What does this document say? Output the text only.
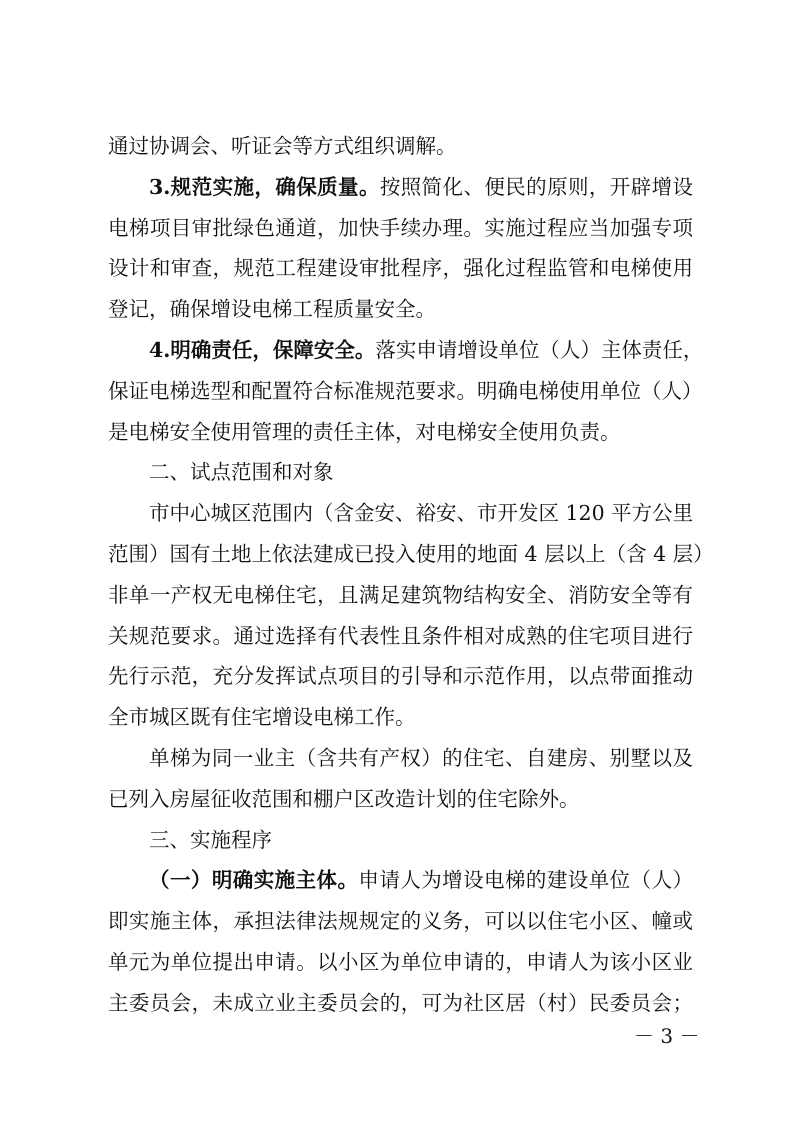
通过协调会、听证会等方式组织调解。
3.规范实施，确保质量。按照简化、便民的原则，开辟增设
电梯项目审批绿色通道，加快手续办理。实施过程应当加强专项
设计和审查，规范工程建设审批程序，强化过程监管和电梯使用
登记，确保增设电梯工程质量安全。
4.明确责任，保障安全。落实申请增设单位（人）主体责任，
保证电梯选型和配置符合标准规范要求。明确电梯使用单位（人）
是电梯安全使用管理的责任主体，对电梯安全使用负责。
二、试点范围和对象
市中心城区范围内（含金安、裕安、市开发区 120 平方公里
范围）国有土地上依法建成已投入使用的地面 4 层以上（含 4 层）
非单一产权无电梯住宅，且满足建筑物结构安全、消防安全等有
关规范要求。通过选择有代表性且条件相对成熟的住宅项目进行
先行示范，充分发挥试点项目的引导和示范作用，以点带面推动
全市城区既有住宅增设电梯工作。
单梯为同一业主（含共有产权）的住宅、自建房、别墅以及
已列入房屋征收范围和棚户区改造计划的住宅除外。
三、实施程序
（一）明确实施主体。申请人为增设电梯的建设单位（人）
即实施主体，承担法律法规规定的义务，可以以住宅小区、幢或
单元为单位提出申请。以小区为单位申请的，申请人为该小区业
主委员会，未成立业主委员会的，可为社区居（村）民委员会；
－ 3 －
